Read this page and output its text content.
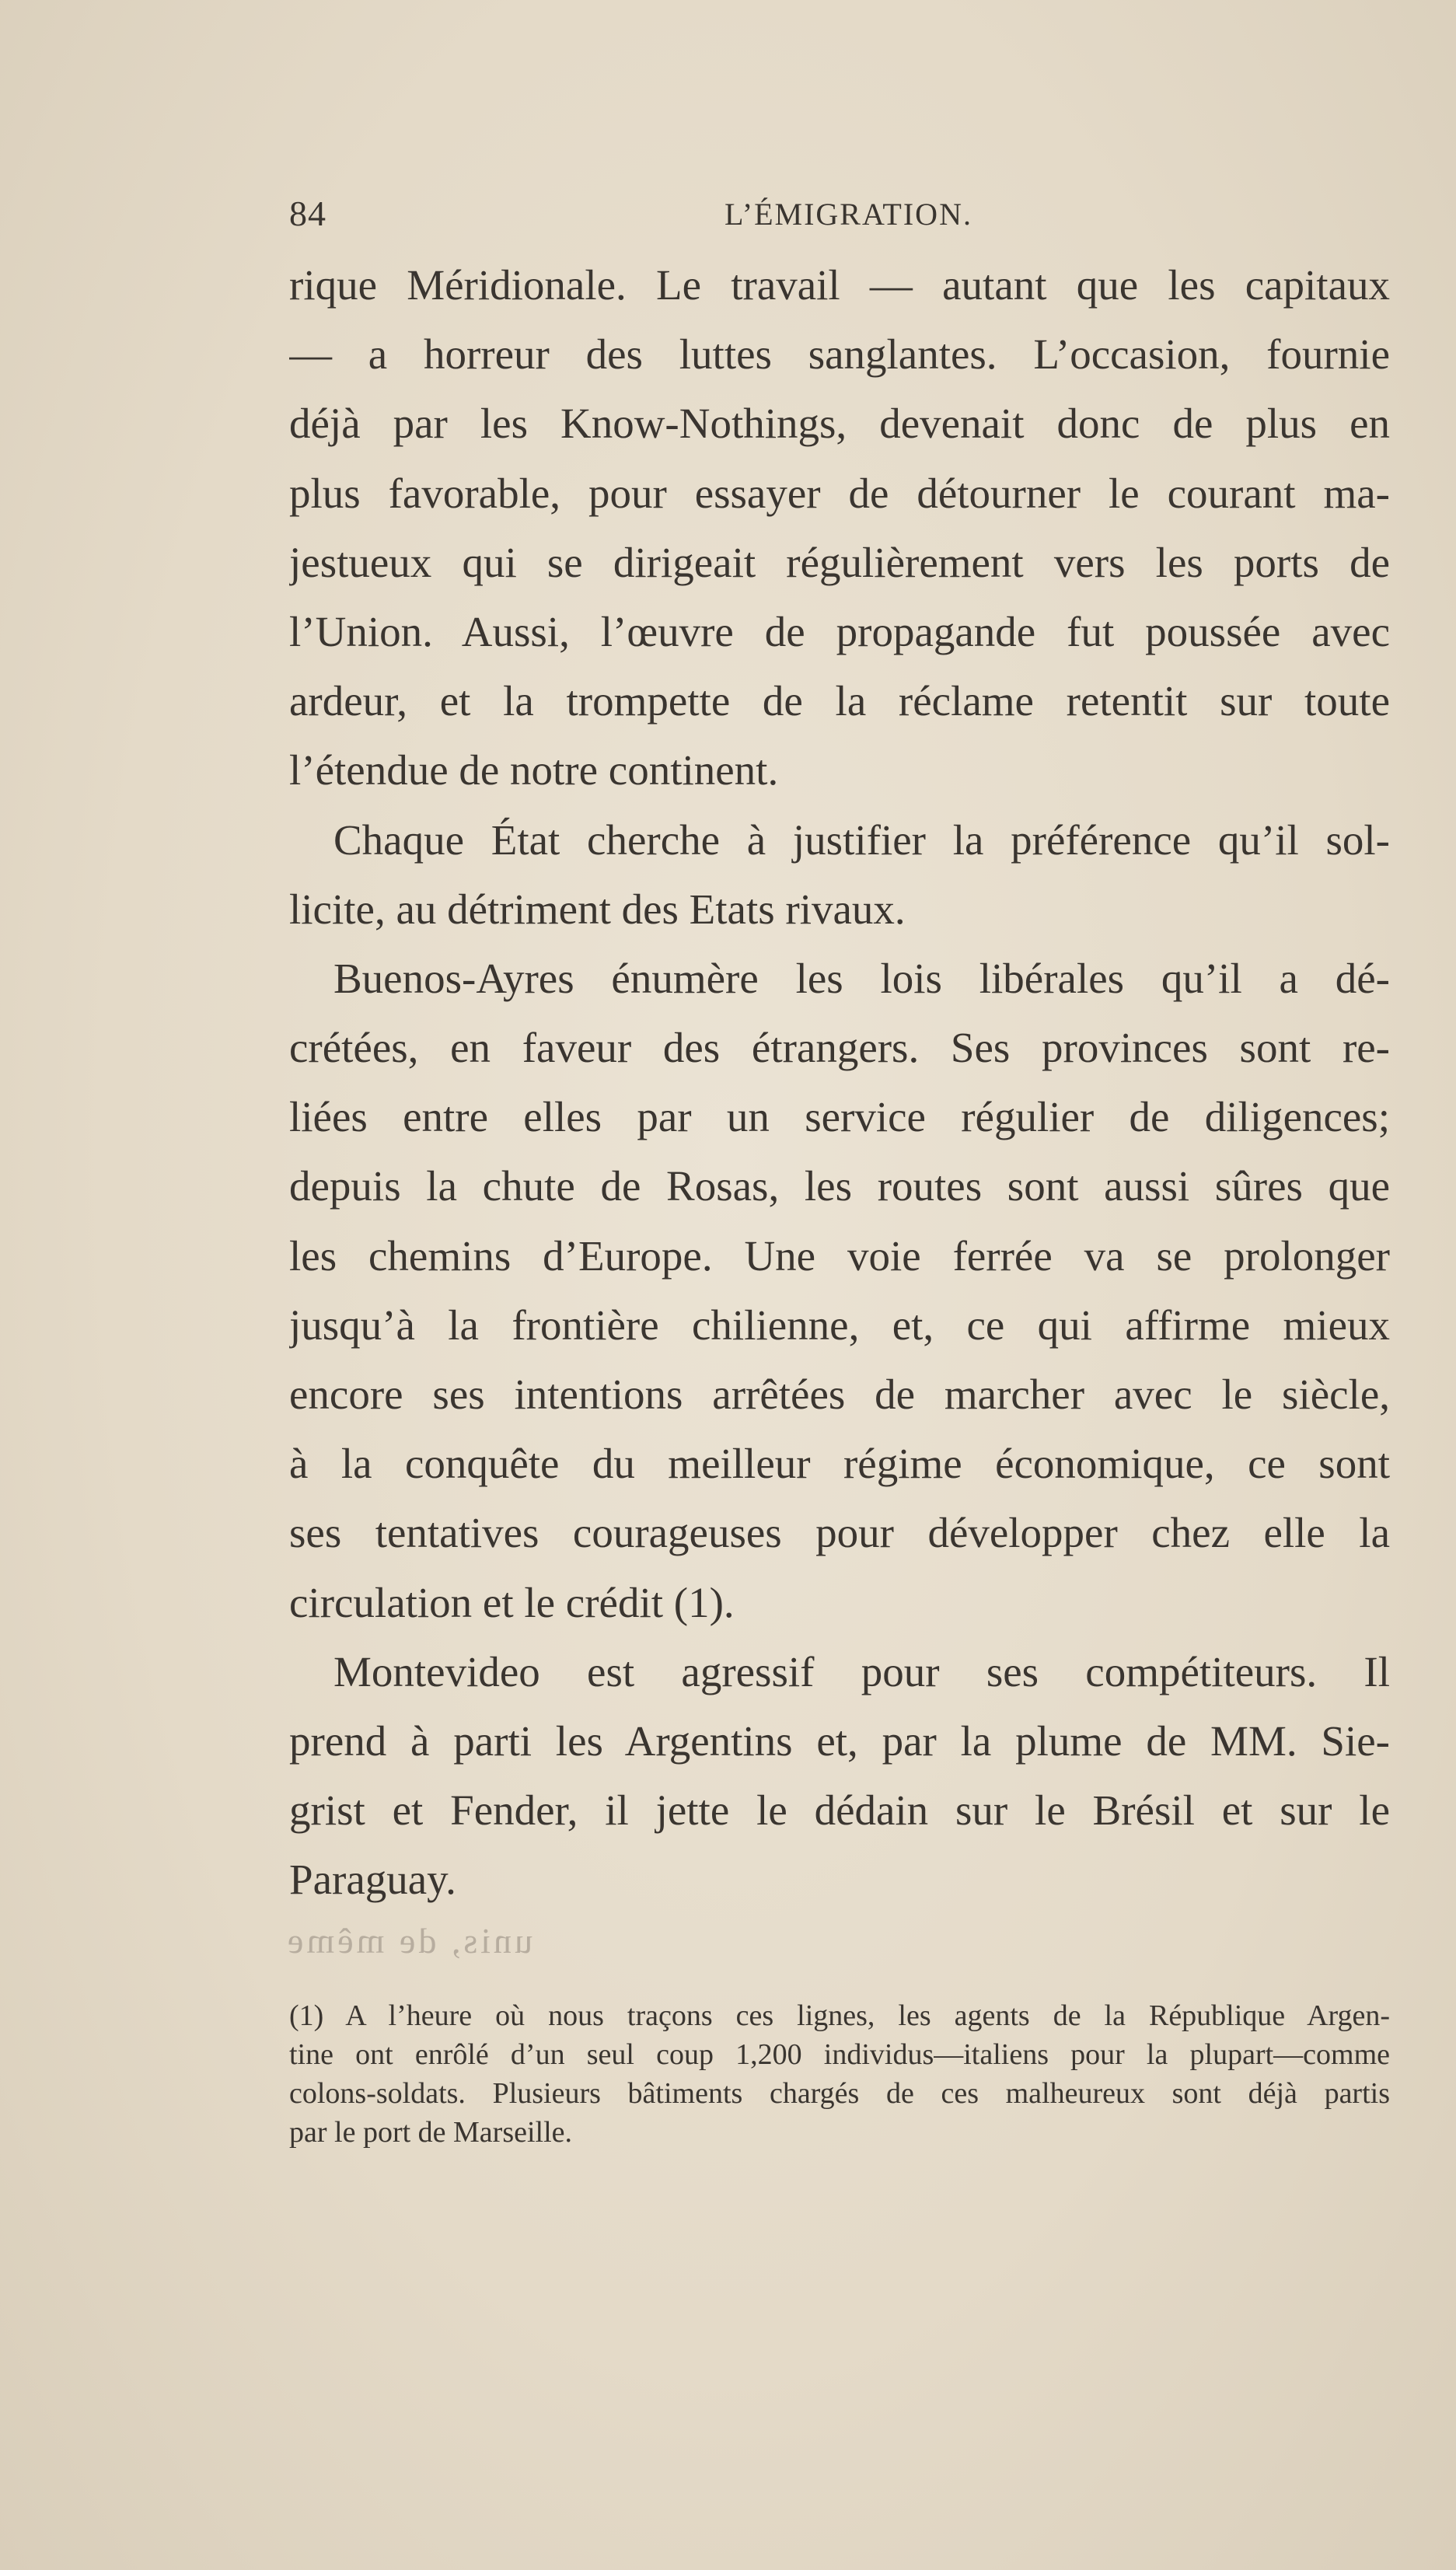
84	L’ÉMIGRATION.
rique Méridionale. Le travail — autant que les capitaux
— a horreur des luttes sanglantes. L’occasion, fournie
déjà par les Know-Nothings, devenait donc de plus en
plus favorable, pour essayer de détourner le courant ma-
jestueux qui se dirigeait régulièrement vers les ports de
l’Union. Aussi, l’œuvre de propagande fut poussée avec
ardeur, et la trompette de la réclame retentit sur toute
l’étendue de notre continent.
Chaque État cherche à justifier la préférence qu’il sol-
licite, au détriment des Etats rivaux.
Buenos-Ayres énumère les lois libérales qu’il a dé-
crétées, en faveur des étrangers. Ses provinces sont re-
liées entre elles par un service régulier de diligences;
depuis la chute de Rosas, les routes sont aussi sûres que
les chemins d’Europe. Une voie ferrée va se prolonger
jusqu’à la frontière chilienne, et, ce qui affirme mieux
encore ses intentions arrêtées de marcher avec le siècle,
à la conquête du meilleur régime économique, ce sont
ses tentatives courageuses pour développer chez elle la
circulation et le crédit (1).
Montevideo est agressif pour ses compétiteurs. Il
prend à parti les Argentins et, par la plume de MM. Sie-
grist et Fender, il jette le dédain sur le Brésil et sur le
Paraguay.
unis, de même
(1) A l’heure où nous traçons ces lignes, les agents de la République Argen-
tine ont enrôlé d’un seul coup 1,200 individus—italiens pour la plupart—comme
colons-soldats. Plusieurs bâtiments chargés de ces malheureux sont déjà partis
par le port de Marseille.
